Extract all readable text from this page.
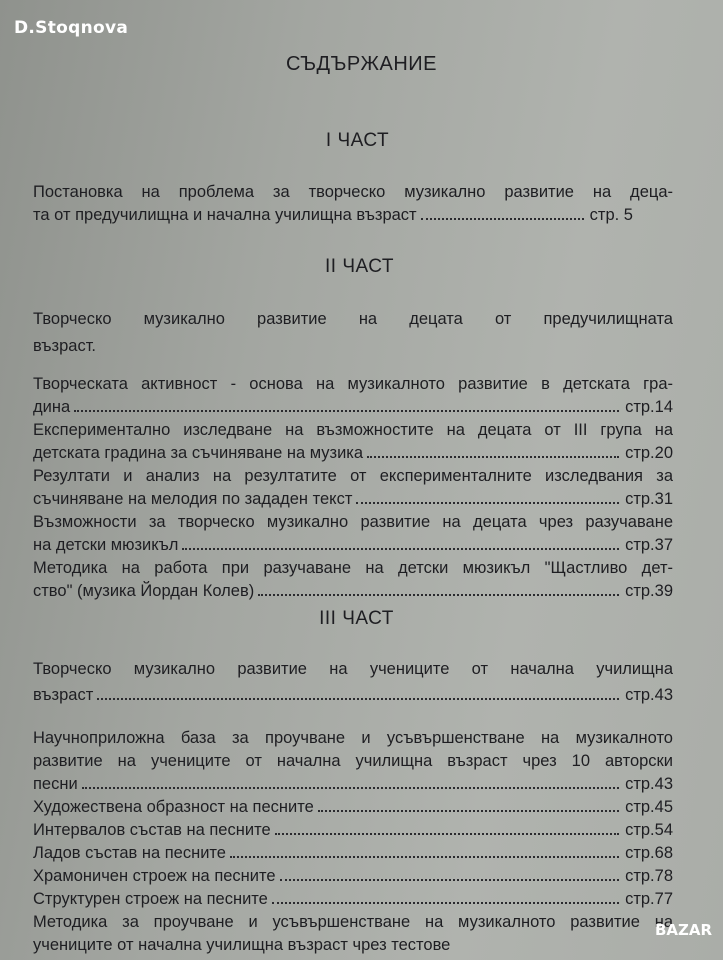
D.Stoqnova
СЪДЪРЖАНИЕ
I ЧАСТ
Постановка на проблема за творческо музикално развитие на деца-
та от предучилищна и начална училищна възраст	стр. 5
II ЧАСТ
Творческо музикално развитие на децата от предучилищната
възраст.
Творческата активност - основа на музикалното развитие в детската гра-
дина	стр.14
Експериментално изследване на възможностите на децата от III група на
детската градина за съчиняване на музика	стр.20
Резултати и анализ на резултатите от експерименталните изследвания за
съчиняване на мелодия по зададен текст	стр.31
Възможности за творческо музикално развитие на децата чрез разучаване
на детски мюзикъл	стр.37
Методика на работа при разучаване на детски мюзикъл "Щастливо дет-
ство" (музика Йордан Колев)	стр.39
III ЧАСТ
Творческо музикално развитие на учениците от начална училищна
възраст	стр.43
Научноприложна база за проучване и усъвършенстване на музикалното
развитие на учениците от начална училищна възраст чрез 10 авторски
песни	стр.43
Художествена образност на песните	стр.45
Интервалов състав на песните	стр.54
Ладов състав на песните	стр.68
Храмоничен строеж на песните	стр.78
Структурен строеж на песните	стр.77
Методика за проучване и усъвършенстване на музикалното развитие на
учениците от начална училищна възраст чрез тестове
BAZАR
